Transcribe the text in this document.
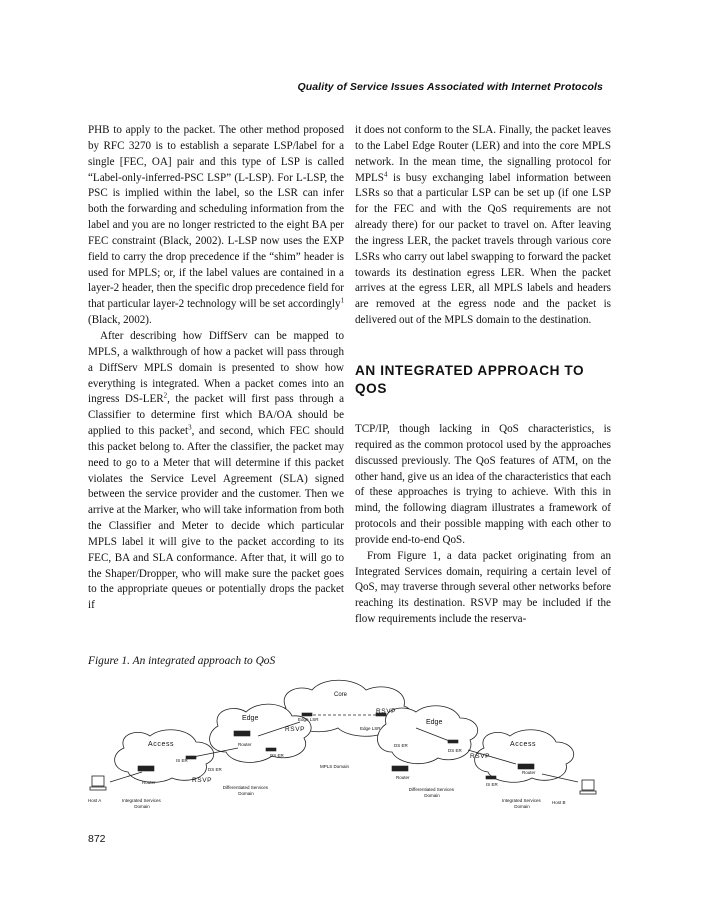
Quality of Service Issues Associated with Internet Protocols

PHB to apply to the packet. The other method proposed by RFC 3270 is to establish a separate LSP/label for a single [FEC, OA] pair and this type of LSP is called “Label-only-inferred-PSC LSP” (L-LSP). For L-LSP, the PSC is implied within the label, so the LSR can infer both the forwarding and scheduling information from the label and you are no longer restricted to the eight BA per FEC constraint (Black, 2002). L-LSP now uses the EXP field to carry the drop precedence if the “shim” header is used for MPLS; or, if the label values are contained in a layer-2 header, then the specific drop precedence field for that particular layer-2 technology will be set accordingly$^1$ (Black, 2002).

After describing how DiffServ can be mapped to MPLS, a walkthrough of how a packet will pass through a DiffServ MPLS domain is presented to show how everything is integrated. When a packet comes into an ingress DS-LER$^2$, the packet will first pass through a Classifier to determine first which BA/OA should be applied to this packet$^3$, and second, which FEC should this packet belong to. After the classifier, the packet may need to go to a Meter that will determine if this packet violates the Service Level Agreement (SLA) signed between the service provider and the customer. Then we arrive at the Marker, who will take information from both the Classifier and Meter to decide which particular MPLS label it will give to the packet according to its FEC, BA and SLA conformance. After that, it will go to the Shaper/Dropper, who will make sure the packet goes to the appropriate queues or potentially drops the packet if

it does not conform to the SLA. Finally, the packet leaves to the Label Edge Router (LER) and into the core MPLS network. In the mean time, the signalling protocol for MPLS$^4$ is busy exchanging label information between LSRs so that a particular LSP can be set up (if one LSP for the FEC and with the QoS requirements are not already there) for our packet to travel on. After leaving the ingress LER, the packet travels through various core LSRs who carry out label swapping to forward the packet towards its destination egress LER. When the packet arrives at the egress LER, all MPLS labels and headers are removed at the egress node and the packet is delivered out of the MPLS domain to the destination.

AN INTEGRATED APPROACH TO QOS

TCP/IP, though lacking in QoS characteristics, is required as the common protocol used by the approaches discussed previously. The QoS features of ATM, on the other hand, give us an idea of the characteristics that each of these approaches is trying to achieve. With this in mind, the following diagram illustrates a framework of protocols and their possible mapping with each other to provide end-to-end QoS.

From Figure 1, a data packet originating from an Integrated Services domain, requiring a certain level of QoS, may traverse through several other networks before reaching its destination. RSVP may be included if the flow requirements include the reserva-

Figure 1. An integrated approach to QoS
Core
Edge
Edge
Access	Access
Edge LSR
Edge LSR
RSVP
RSVP
RSVP
RSVP
Router
Router
Router
Router
DS ER
DS ER
DS ER
DS ER
IS ER
IS ER
MPLS Domain
Host A	Host B
Differentiated Services Domain
Differentiated Services Domain
Integrated Services Domain
Integrated Services Domain
872
